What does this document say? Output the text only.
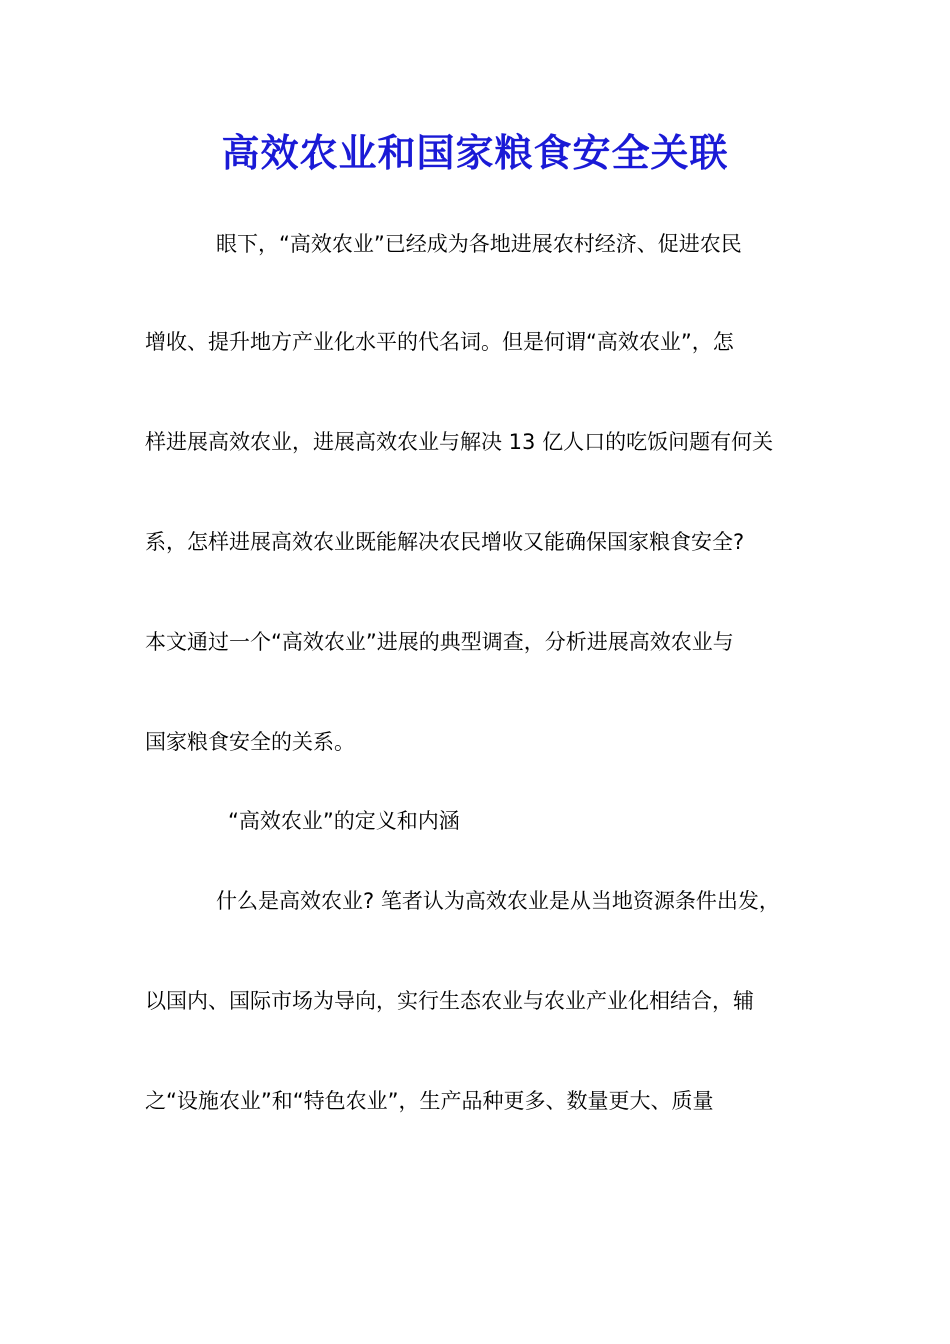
高效农业和国家粮食安全关联
眼下，“高效农业”已经成为各地进展农村经济、促进农民
增收、提升地方产业化水平的代名词。但是何谓“高效农业”，怎
样进展高效农业，进展高效农业与解决 13 亿人口的吃饭问题有何关
系，怎样进展高效农业既能解决农民增收又能确保国家粮食安全?
本文通过一个“高效农业”进展的典型调查，分析进展高效农业与
国家粮食安全的关系。
“高效农业”的定义和内涵
什么是高效农业? 笔者认为高效农业是从当地资源条件出发，
以国内、国际市场为导向，实行生态农业与农业产业化相结合，辅
之“设施农业”和“特色农业”，生产品种更多、数量更大、质量
